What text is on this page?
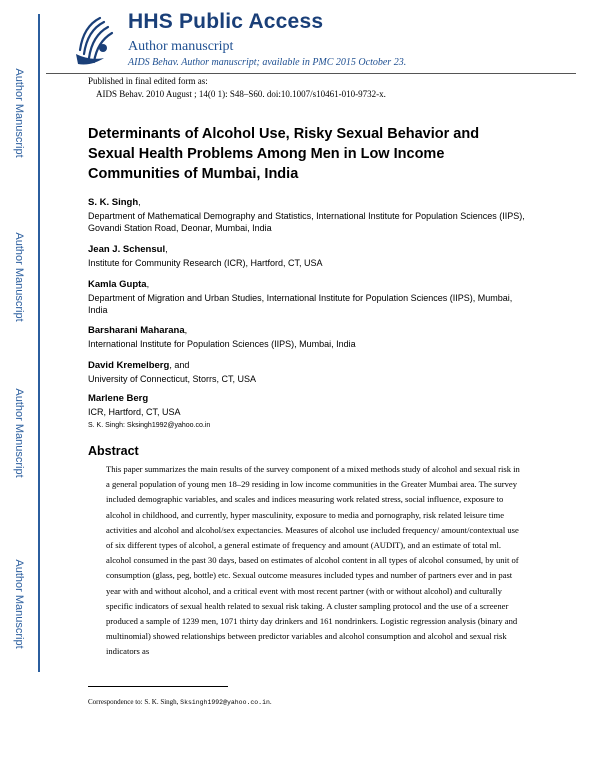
Author Manuscript
Author Manuscript
Author Manuscript
Author Manuscript
HHS Public Access
Author manuscript
AIDS Behav. Author manuscript; available in PMC 2015 October 23.
Published in final edited form as:
AIDS Behav. 2010 August ; 14(0 1): S48–S60. doi:10.1007/s10461-010-9732-x.
Determinants of Alcohol Use, Risky Sexual Behavior and Sexual Health Problems Among Men in Low Income Communities of Mumbai, India
S. K. Singh,
Department of Mathematical Demography and Statistics, International Institute for Population Sciences (IIPS), Govandi Station Road, Deonar, Mumbai, India
Jean J. Schensul,
Institute for Community Research (ICR), Hartford, CT, USA
Kamla Gupta,
Department of Migration and Urban Studies, International Institute for Population Sciences (IIPS), Mumbai, India
Barsharani Maharana,
International Institute for Population Sciences (IIPS), Mumbai, India
David Kremelberg, and
University of Connecticut, Storrs, CT, USA
Marlene Berg
ICR, Hartford, CT, USA
S. K. Singh: Sksingh1992@yahoo.co.in
Abstract

This paper summarizes the main results of the survey component of a mixed methods study of alcohol and sexual risk in a general population of young men 18–29 residing in low income communities in the Greater Mumbai area. The survey included demographic variables, and scales and indices measuring work related stress, social influence, exposure to alcohol in childhood, and currently, hyper masculinity, exposure to media and pornography, risk related leisure time activities and alcohol and alcohol/sex expectancies. Measures of alcohol use included frequency/ amount/contextual use of six different types of alcohol, a general estimate of frequency and amount (AUDIT), and an estimate of total ml. alcohol consumed in the past 30 days, based on estimates of alcohol content in all types of alcohol consumed, by unit of consumption (glass, peg, bottle) etc. Sexual outcome measures included types and number of partners ever and in past year with and without alcohol, and a critical event with most recent partner (with or without alcohol) and culturally specific indicators of sexual health related to sexual risk taking. A cluster sampling protocol and the use of a screener produced a sample of 1239 men, 1071 thirty day drinkers and 161 nondrinkers. Logistic regression analysis (binary and multinomial) showed relationships between predictor variables and alcohol consumption and alcohol and sexual risk indicators as

Correspondence to: S. K. Singh, Sksingh1992@yahoo.co.in.
